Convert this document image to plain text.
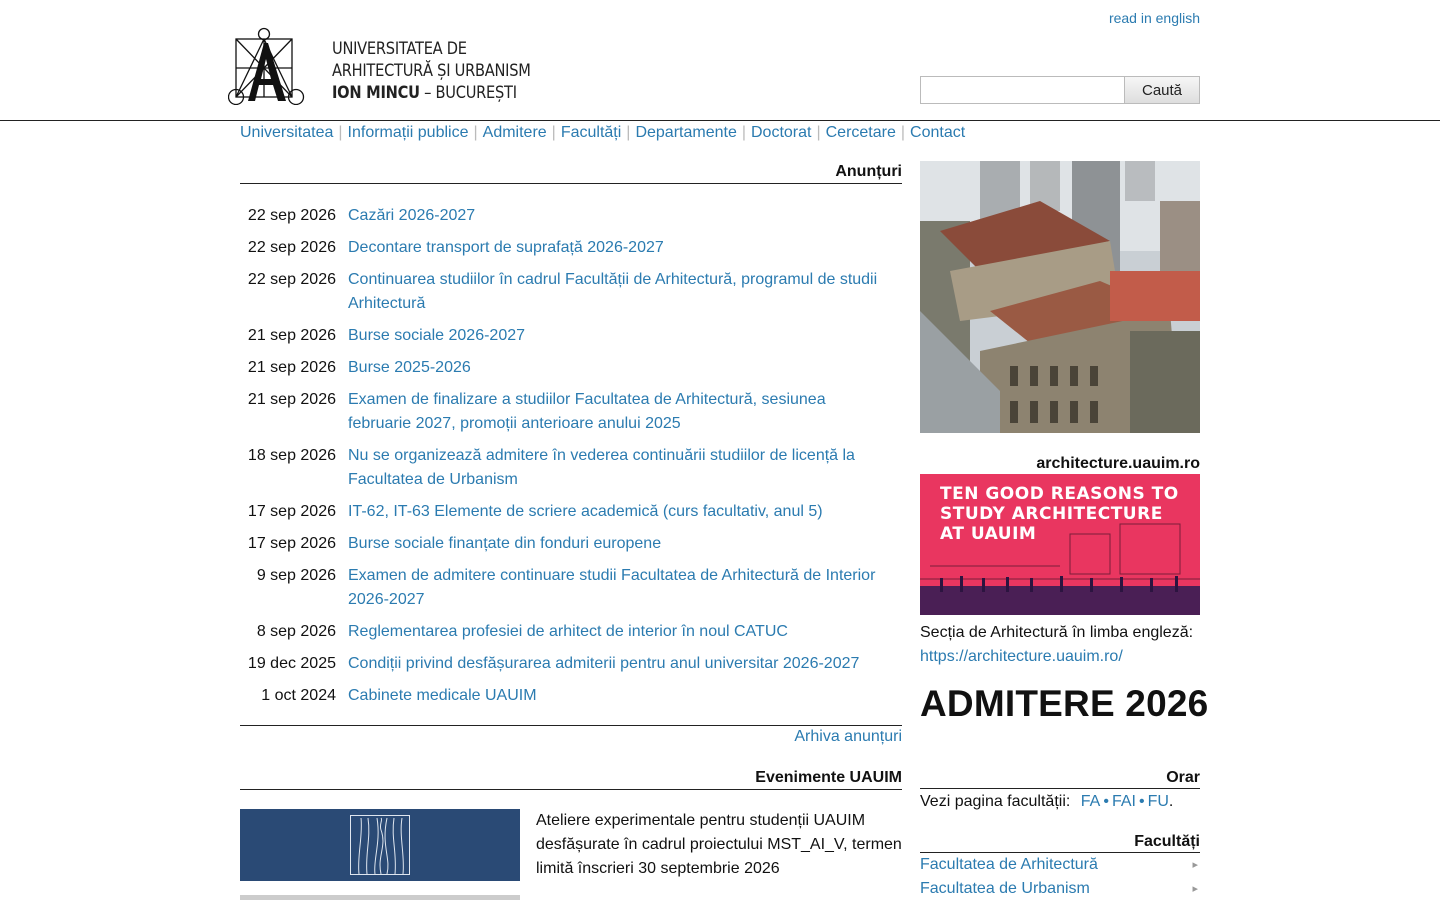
read in english
UNIVERSITATEA DE
ARHITECTURĂ ȘI URBANISM
ION MINCU – BUCUREȘTI	Caută
Universitatea | Informații publice | Admitere | Facultăți | Departamente | Doctorat | Cercetare | Contact
Anunțuri
22 sep 2026 Cazări 2026-2027
22 sep 2026 Decontare transport de suprafață 2026-2027
22 sep 2026 Continuarea studiilor în cadrul Facultății de Arhitectură, programul de studii Arhitectură
21 sep 2026 Burse sociale 2026-2027
21 sep 2026 Burse 2025-2026
21 sep 2026 Examen de finalizare a studiilor Facultatea de Arhitectură, sesiunea februarie 2027, promoții anterioare anului 2025
18 sep 2026 Nu se organizează admitere în vederea continuării studiilor de licență la Facultatea de Urbanism
17 sep 2026 IT-62, IT-63 Elemente de scriere academică (curs facultativ, anul 5)
17 sep 2026 Burse sociale finanțate din fonduri europene
9 sep 2026 Examen de admitere continuare studii Facultatea de Arhitectură de Interior 2026-2027
8 sep 2026 Reglementarea profesiei de arhitect de interior în noul CATUC
19 dec 2025 Condiții privind desfășurarea admiterii pentru anul universitar 2026-2027
1 oct 2024 Cabinete medicale UAUIM
Arhiva anunțuri
Evenimente UAUIM
Ateliere experimentale pentru studenții UAUIM desfășurate în cadrul proiectului MST_AI_V, termen limită înscrieri 30 septembrie 2026
architecture.uauim.ro
TEN GOOD REASONS TO STUDY ARCHITECTURE AT UAUIM
Secția de Arhitectură în limba engleză:
https://architecture.uauim.ro/
ADMITERE 2026
Orar
Vezi pagina facultății: FA • FAI • FU.
Facultăți
Facultatea de Arhitectură	▸
Facultatea de Urbanism	▸
